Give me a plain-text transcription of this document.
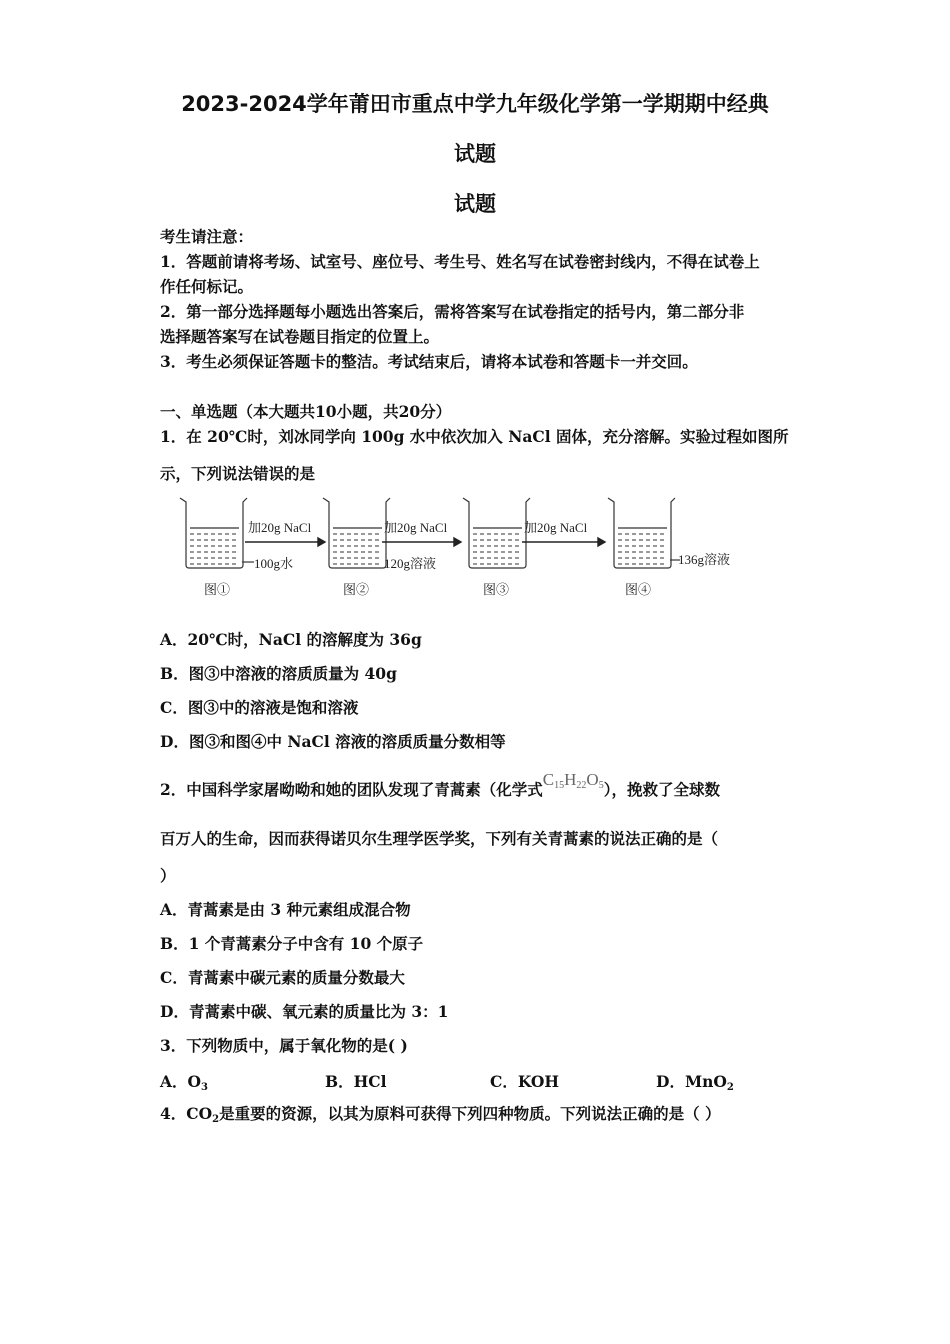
2023-2024学年莆田市重点中学九年级化学第一学期期中经典
试题
试题
考生请注意：
1．答题前请将考场、试室号、座位号、考生号、姓名写在试卷密封线内，不得在试卷上
作任何标记。
2．第一部分选择题每小题选出答案后，需将答案写在试卷指定的括号内，第二部分非
选择题答案写在试卷题目指定的位置上。
3．考生必须保证答题卡的整洁。考试结束后，请将本试卷和答题卡一并交回。
一、单选题（本大题共10小题，共20分）
1．在 20℃时，刘冰同学向 100g 水中依次加入 NaCl 固体，充分溶解。实验过程如图所
示，下列说法错误的是
加20g NaCl	加20g NaCl	加20g NaCl
100g水	120g溶液	136g溶液
图①	图②	图③	图④
A．20℃时，NaCl 的溶解度为 36g
B．图③中溶液的溶质质量为 40g
C．图③中的溶液是饱和溶液
D．图③和图④中 NaCl 溶液的溶质质量分数相等
2．中国科学家屠呦呦和她的团队发现了青蒿素（化学式$C_{15}H_{22}O_5$），挽救了全球数
百万人的生命，因而获得诺贝尔生理学医学奖，下列有关青蒿素的说法正确的是（
）
A．青蒿素是由 3 种元素组成混合物
B．1 个青蒿素分子中含有 10 个原子
C．青蒿素中碳元素的质量分数最大
D．青蒿素中碳、氧元素的质量比为 3：1
3．下列物质中，属于氧化物的是( )
A．$O_3$	B．HCl	C．KOH	D．MnO$_2$
4．$CO_2$是重要的资源，以其为原料可获得下列四种物质。下列说法正确的是（ ）
